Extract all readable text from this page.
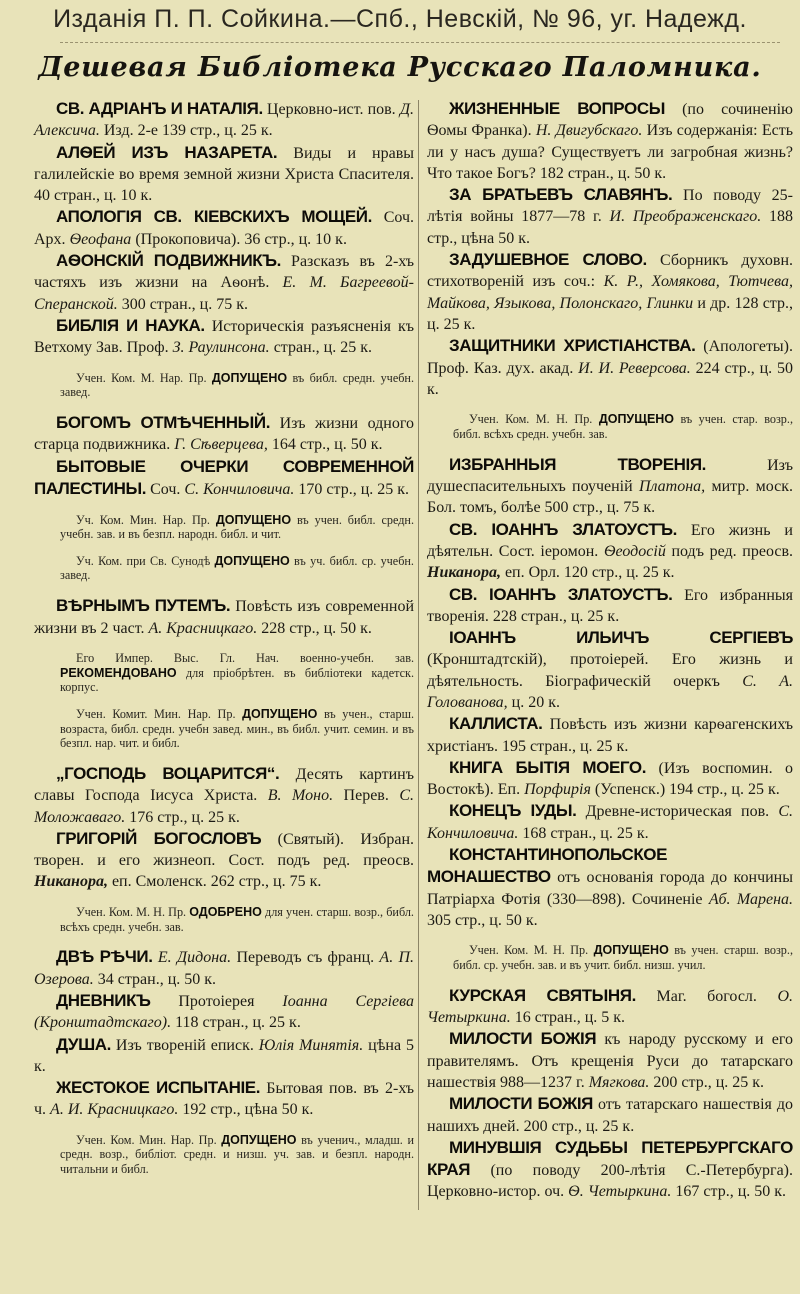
Изданія П. П. Сойкина.—Спб., Невскій, № 96, уг. Надежд.
Дешевая Библіотека Русскаго Паломника.

СВ. АДРІАНЪ И НАТАЛІЯ. Церковно-ист. пов. Д. Алексича. Изд. 2-е 139 стр., ц. 25 к.

АЛѲЕЙ ИЗЪ НАЗАРЕТА. Виды и нравы галилейскіе во время земной жизни Христа Спасителя. 40 стран., ц. 10 к.

АПОЛОГІЯ СВ. КІЕВСКИХЪ МОЩЕЙ. Соч. Арх. Ѳеофана (Прокоповича). 36 стр., ц. 10 к.

АѲОНСКІЙ ПОДВИЖНИКЪ. Разсказъ въ 2-хъ частяхъ изъ жизни на Аѳонѣ. Е. М. Багреевой-Сперанской. 300 стран., ц. 75 к.

БИБЛІЯ И НАУКА. Историческія разъясненія къ Ветхому Зав. Проф. З. Раулинсона. стран., ц. 25 к.

Учен. Ком. М. Нар. Пр. ДОПУЩЕНО въ библ. средн. учебн. завед.

БОГОМЪ ОТМѢЧЕННЫЙ. Изъ жизни одного старца подвижника. Г. Сѣверцева, 164 стр., ц. 50 к.

БЫТОВЫЕ ОЧЕРКИ СОВРЕМЕННОЙ ПАЛЕСТИНЫ. Соч. С. Кончиловича. 170 стр., ц. 25 к.

Уч. Ком. Мин. Нар. Пр. ДОПУЩЕНО въ учен. библ. средн. учебн. зав. и въ безпл. народн. библ. и чит.

Уч. Ком. при Св. Сунодѣ ДОПУЩЕНО въ уч. библ. ср. учебн. завед.

ВѢРНЫМЪ ПУТЕМЪ. Повѣсть изъ современной жизни въ 2 част. А. Красницкаго. 228 стр., ц. 50 к.

Его Импер. Выс. Гл. Нач. военно-учебн. зав. РЕКОМЕНДОВАНО для пріобрѣтен. въ библіотеки кадетск. корпус.

Учен. Комит. Мин. Нар. Пр. ДОПУЩЕНО въ учен., старш. возраста, библ. средн. учебн завед. мин., въ библ. учит. семин. и въ безпл. нар. чит. и библ.

„ГОСПОДЬ ВОЦАРИТСЯ“. Десять картинъ славы Господа Іисуса Христа. В. Моно. Перев. С. Моложаваго. 176 стр., ц. 25 к.

ГРИГОРІЙ БОГОСЛОВЪ (Святый). Избран. творен. и его жизнеоп. Сост. подъ ред. преосв. Никанора, еп. Смоленск. 262 стр., ц. 75 к.

Учен. Ком. М. Н. Пр. ОДОБРЕНО для учен. старш. возр., библ. всѣхъ средн. учебн. зав.

ДВѢ РѢЧИ. Е. Дидона. Переводъ съ франц. А. П. Озерова. 34 стран., ц. 50 к.

ДНЕВНИКЪ Протоіерея Іоанна Сергіева (Кронштадтскаго). 118 стран., ц. 25 к.

ДУША. Изъ твореній еписк. Юлія Минятія. цѣна 5 к.

ЖЕСТОКОЕ ИСПЫТАНІЕ. Бытовая пов. въ 2-хъ ч. А. И. Красницкаго. 192 стр., цѣна 50 к.

Учен. Ком. Мин. Нар. Пр. ДОПУЩЕНО въ ученич., младш. и средн. возр., библіот. средн. и низш. уч. зав. и безпл. народн. читальни и библ.

ЖИЗНЕННЫЕ ВОПРОСЫ (по сочиненію Ѳомы Франка). Н. Двигубскаго. Изъ содержанія: Есть ли у насъ душа? Существуетъ ли загробная жизнь? Что такое Богъ? 182 стран., ц. 50 к.

ЗА БРАТЬЕВЪ СЛАВЯНЪ. По поводу 25-лѣтія войны 1877—78 г. И. Преображенскаго. 188 стр., цѣна 50 к.

ЗАДУШЕВНОЕ СЛОВО. Сборникъ духовн. стихотвореній изъ соч.: К. Р., Хомякова, Тютчева, Майкова, Языкова, Полонскаго, Глинки и др. 128 стр., ц. 25 к.

ЗАЩИТНИКИ ХРИСТІАНСТВА. (Апологеты). Проф. Каз. дух. акад. И. И. Реверсова. 224 стр., ц. 50 к.

Учен. Ком. М. Н. Пр. ДОПУЩЕНО въ учен. стар. возр., библ. всѣхъ средн. учебн. зав.

ИЗБРАННЫЯ ТВОРЕНІЯ.	Изъ душеспасительныхъ поученій Платона, митр. моск. Бол. томъ, болѣе 500 стр., ц. 75 к.

СВ. ІОАННЪ ЗЛАТОУСТЪ. Его жизнь и дѣятельн. Сост. іеромон. Ѳеодосій подъ ред. преосв. Никанора, еп. Орл. 120 стр., ц. 25 к.

СВ. ІОАННЪ ЗЛАТОУСТЪ. Его избранныя творенія. 228 стран., ц. 25 к.

ІОАННЪ ИЛЬИЧЪ СЕРГІЕВЪ (Кронштадтскій), протоіерей. Его жизнь и дѣятельность. Біографическій очеркъ С. А. Голованова, ц. 20 к.

КАЛЛИСТА. Повѣсть изъ жизни карѳагенскихъ христіанъ. 195 стран., ц. 25 к.

КНИГА БЫТІЯ МОЕГО. (Изъ воспомин. о Востокѣ). Еп. Порфирія (Успенск.) 194 стр., ц. 25 к.

КОНЕЦЪ ІУДЫ. Древне-историческая пов. С. Кончиловича. 168 стран., ц. 25 к.

КОНСТАНТИНОПОЛЬСКОЕ МОНАШЕСТВО отъ основанія города до кончины Патріарха Фотія (330—898). Сочиненіе Аб. Марена. 305 стр., ц. 50 к.

Учен. Ком. М. Н. Пр. ДОПУЩЕНО въ учен. старш. возр., библ. ср. учебн. зав. и въ учит. библ. низш. учил.

КУРСКАЯ СВЯТЫНЯ. Маг. богосл. О. Четыркина. 16 стран., ц. 5 к.

МИЛОСТИ БОЖІЯ къ народу русскому и его правителямъ. Отъ крещенія Руси до татарскаго нашествія 988—1237 г. Мягкова. 200 стр., ц. 25 к.

МИЛОСТИ БОЖІЯ отъ татарскаго нашествія до нашихъ дней. 200 стр., ц. 25 к.

МИНУВШІЯ СУДЬБЫ ПЕТЕРБУРГСКАГО КРАЯ (по поводу 200-лѣтія С.-Петербурга). Церковно-истор. оч. Ѳ. Четыркина. 167 стр., ц. 50 к.
